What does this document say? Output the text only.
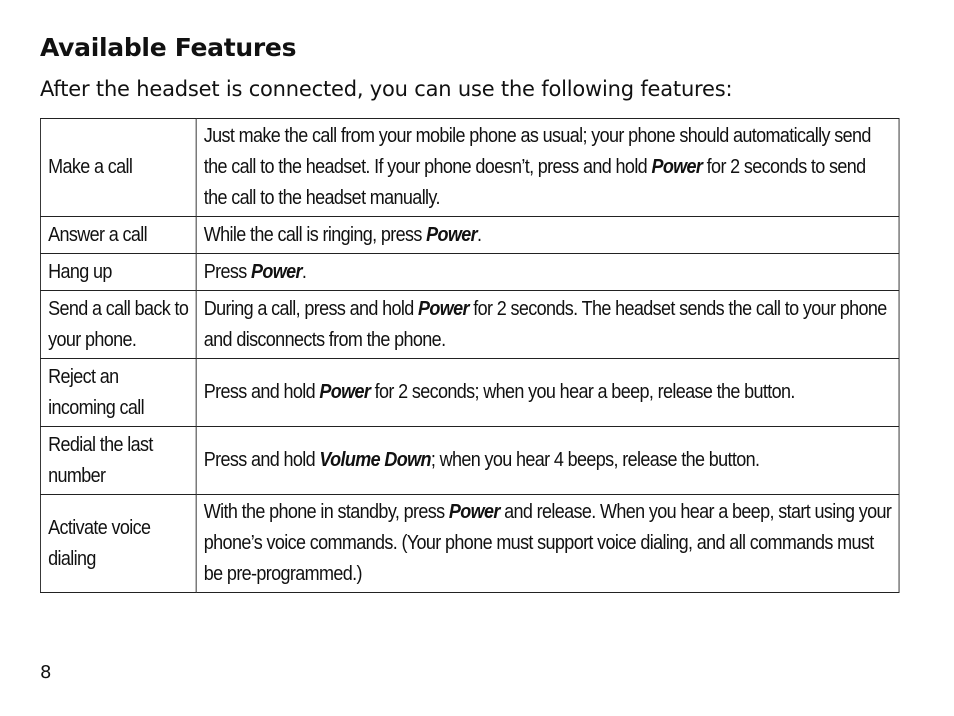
Available Features

After the headset is connected, you can use the following features:

Make a call	Just make the call from your mobile phone as usual; your phone should automatically send the call to the headset. If your phone doesn’t, press and hold Power for 2 seconds to send the call to the headset manually.
Answer a call	While the call is ringing, press Power.
Hang up	Press Power.
Send a call back to your phone.	During a call, press and hold Power for 2 seconds. The headset sends the call to your phone and disconnects from the phone.
Reject an incoming call	Press and hold Power for 2 seconds; when you hear a beep, release the button.
Redial the last number	Press and hold Volume Down; when you hear 4 beeps, release the button.
Activate voice dialing	With the phone in standby, press Power and release. When you hear a beep, start using your phone’s voice commands. (Your phone must support voice dialing, and all commands must be pre-programmed.)

8
